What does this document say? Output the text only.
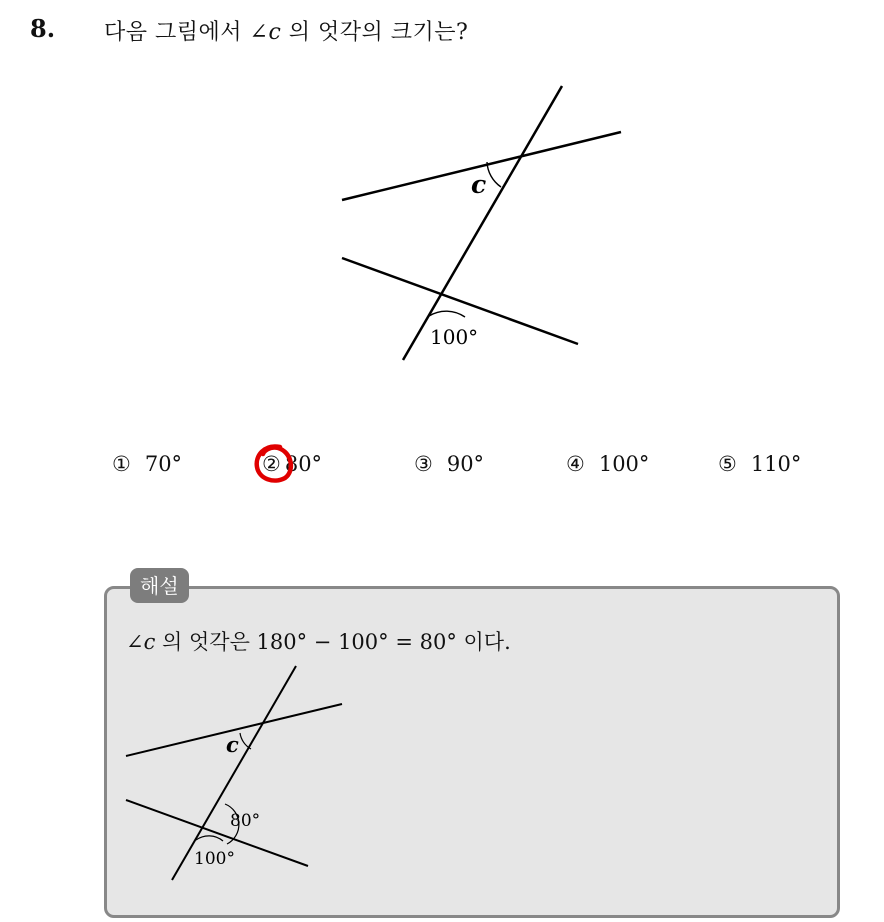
8. 다음 그림에서 ∠c 의 엇각의 크기는?
c
100°
① 70°	② 80°	③ 90°	④ 100°	⑤ 110°
해설
∠c 의 엇각은 180° − 100° = 80° 이다.
c
80°
100°
